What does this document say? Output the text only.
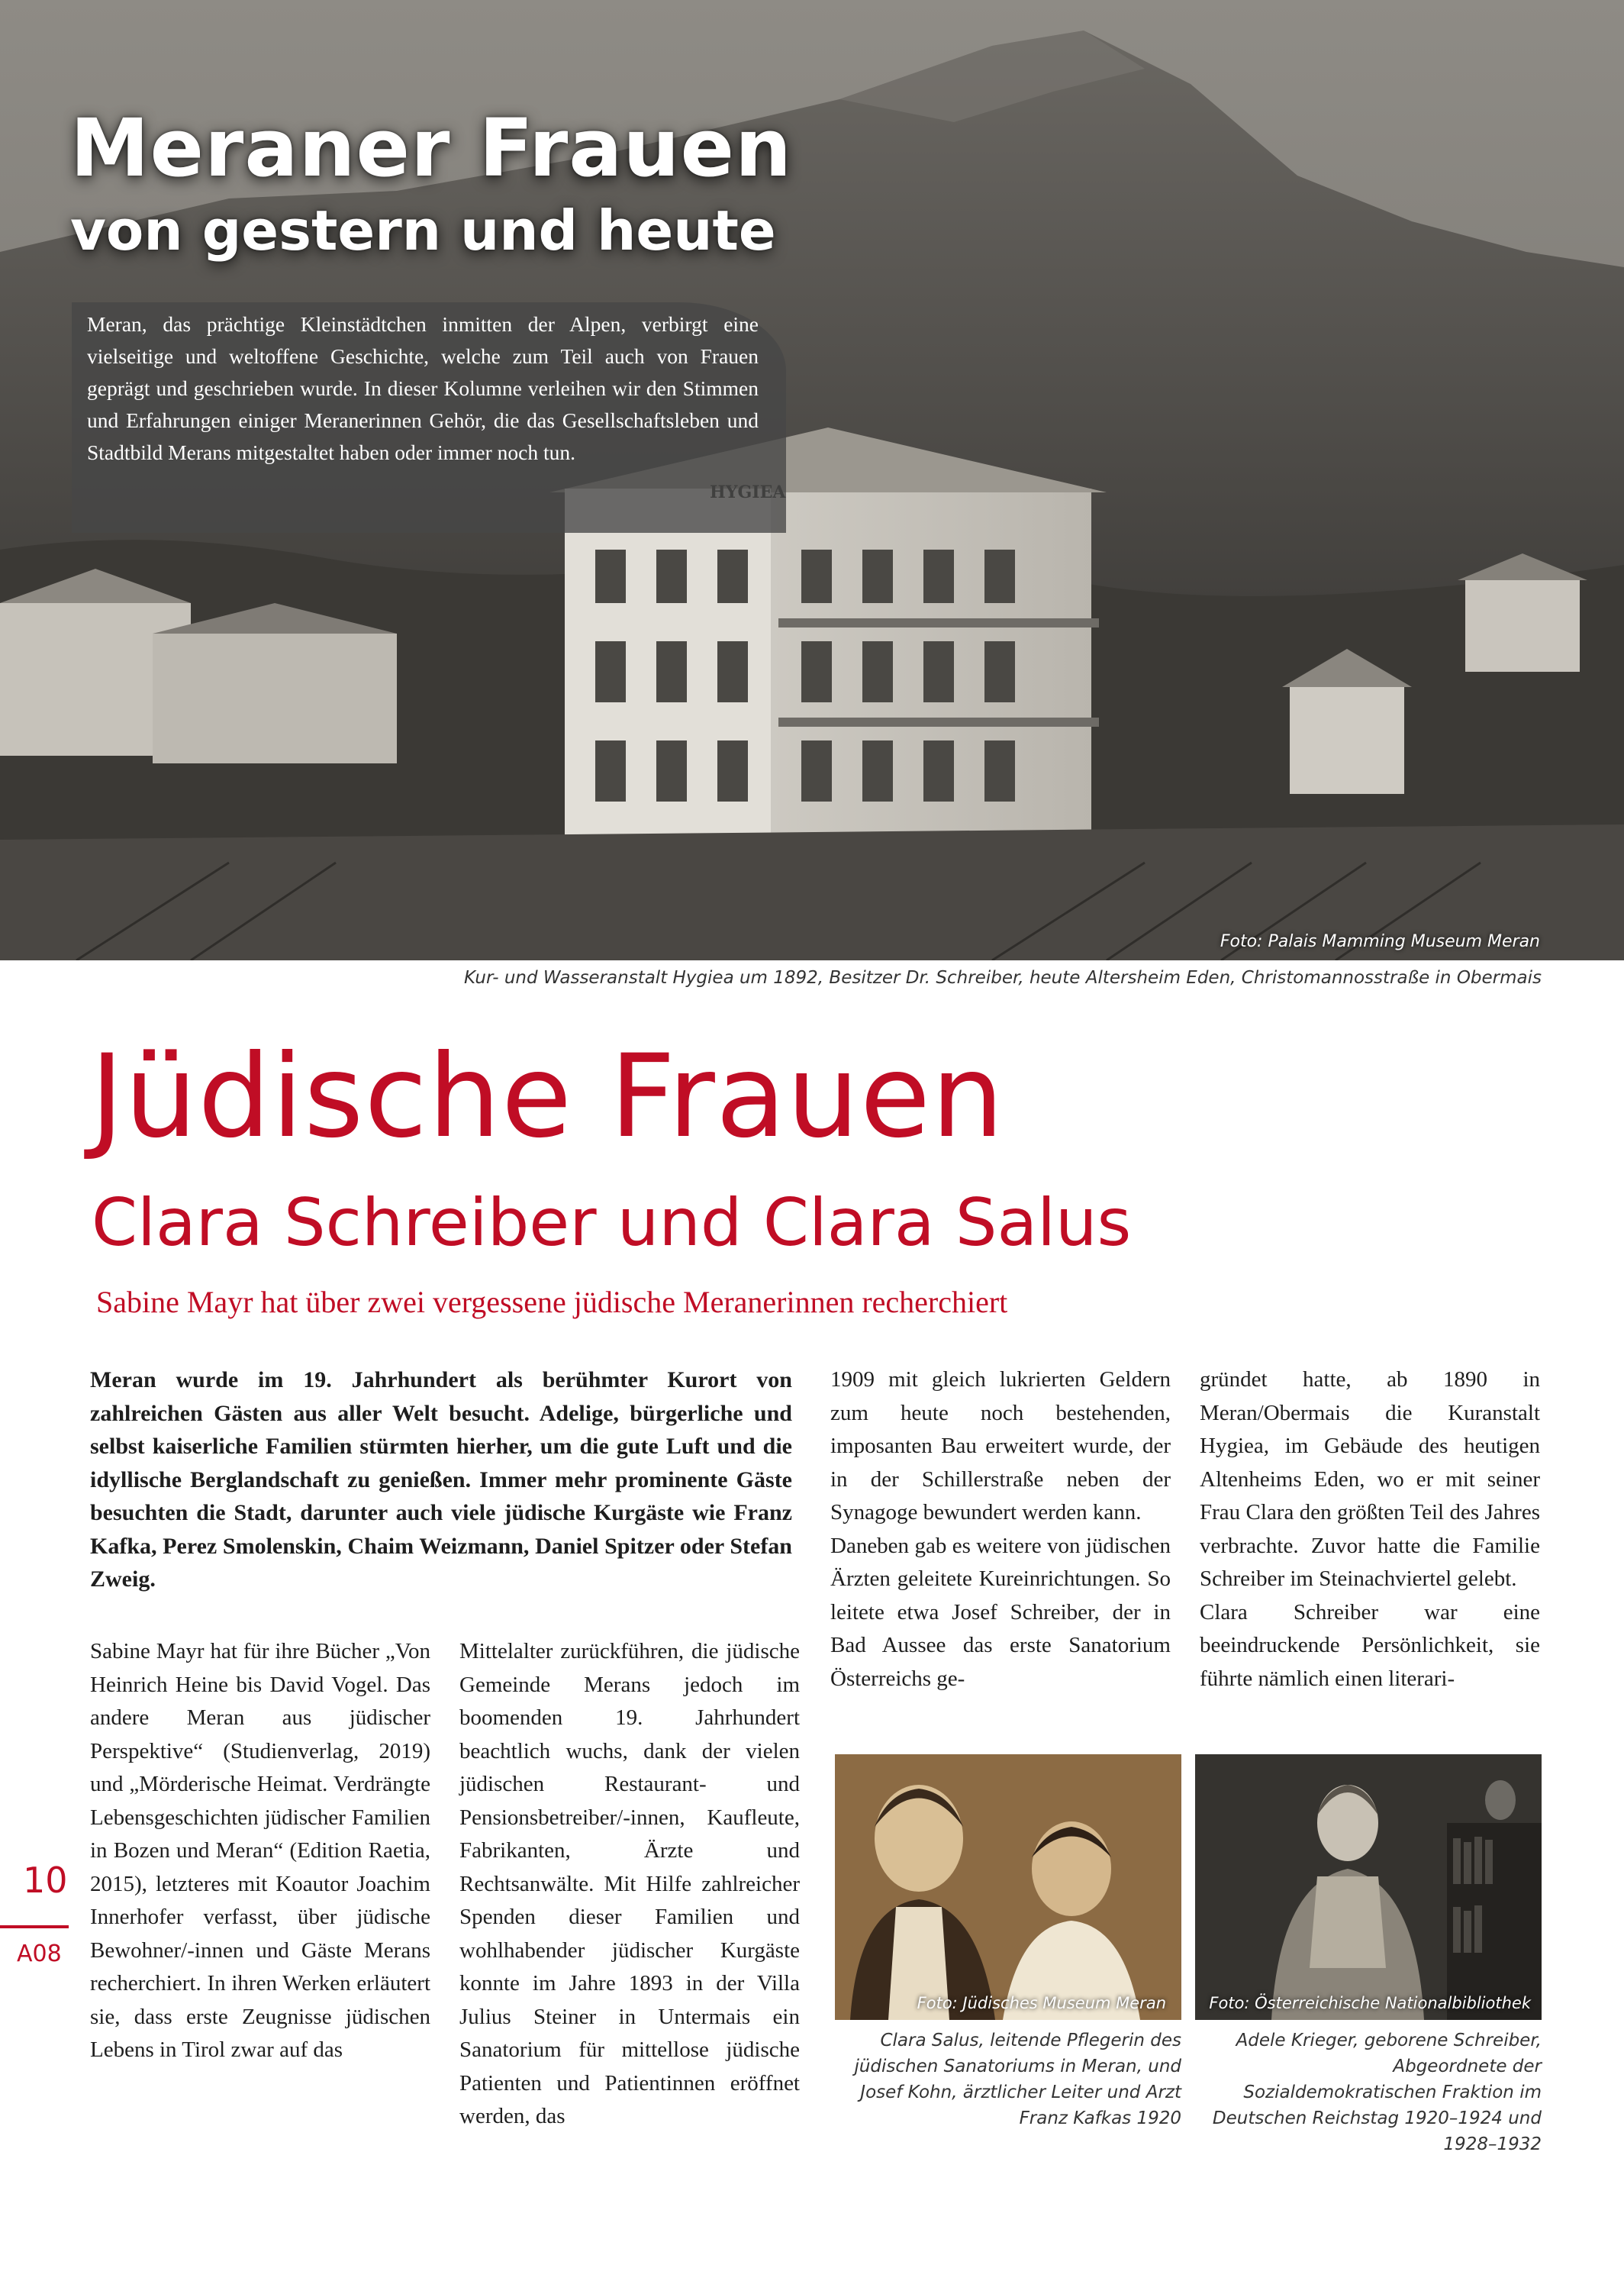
Meraner Frauen
von gestern und heute
Meran, das prächtige Kleinstädtchen inmitten der Alpen, verbirgt eine vielseitige und weltoffene Geschichte, welche zum Teil auch von Frauen geprägt und geschrieben wurde. In dieser Kolumne verleihen wir den Stimmen und Erfahrungen einiger Meranerinnen Gehör, die das Gesellschaftsleben und Stadtbild Merans mitgestaltet haben oder immer noch tun.
Foto: Palais Mamming Museum Meran
Kur- und Wasseranstalt Hygiea um 1892, Besitzer Dr. Schreiber, heute Altersheim Eden, Christomannosstraße in Obermais
Jüdische Frauen
Clara Schreiber und Clara Salus
Sabine Mayr hat über zwei vergessene jüdische Meranerinnen recherchiert
Meran wurde im 19. Jahrhundert als berühmter Kurort von zahlreichen Gästen aus aller Welt besucht. Adelige, bürgerliche und selbst kaiserliche Familien stürmten hierher, um die gute Luft und die idyllische Berglandschaft zu genießen. Immer mehr prominente Gäste besuchten die Stadt, darunter auch viele jüdische Kurgäste wie Franz Kafka, Perez Smolenskin, Chaim Weizmann, Daniel Spitzer oder Stefan Zweig.

Sabine Mayr hat für ihre Bücher „Von Heinrich Heine bis David Vogel. Das andere Meran aus jüdischer Perspektive“ (Studienverlag, 2019) und „Mörderische Heimat. Verdrängte Lebensgeschichten jüdischer Familien in Bozen und Meran“ (Edition Raetia, 2015), letzteres mit Koautor Joachim Innerhofer verfasst, über jüdische Bewohner/-innen und Gäste Merans recherchiert. In ihren Werken erläutert sie, dass erste Zeugnisse jüdischen Lebens in Tirol zwar auf das

Mittelalter zurückführen, die jüdische Gemeinde Merans jedoch im boomenden 19. Jahrhundert beachtlich wuchs, dank der vielen jüdischen Restaurant- und Pensionsbetreiber/-innen, Kaufleute, Fabrikanten, Ärzte und Rechtsanwälte. Mit Hilfe zahlreicher Spenden dieser Familien und wohlhabender jüdischer Kurgäste konnte im Jahre 1893 in der Villa Julius Steiner in Untermais ein Sanatorium für mittellose jüdische Patienten und Patientinnen eröffnet werden, das

1909 mit gleich lukrierten Geldern zum heute noch bestehenden, imposanten Bau erweitert wurde, der in der Schillerstraße neben der Synagoge bewundert werden kann.

Daneben gab es weitere von jüdischen Ärzten geleitete Kureinrichtungen. So leitete etwa Josef Schreiber, der in Bad Aussee das erste Sanatorium Österreichs ge-

gründet hatte, ab 1890 in Meran/Obermais die Kuranstalt Hygiea, im Gebäude des heutigen Altenheims Eden, wo er mit seiner Frau Clara den größten Teil des Jahres verbrachte. Zuvor hatte die Familie Schreiber im Steinachviertel gelebt.

Clara Schreiber war eine beeindruckende Persönlichkeit, sie führte nämlich einen literari-

10
A08
Foto: Jüdisches Museum Meran
Clara Salus, leitende Pflegerin des jüdischen Sanatoriums in Meran, und Josef Kohn, ärztlicher Leiter und Arzt Franz Kafkas 1920
Foto: Österreichische Nationalbibliothek
Adele Krieger, geborene Schreiber, Abgeordnete der Sozialdemokratischen Fraktion im Deutschen Reichstag 1920–1924 und 1928–1932
